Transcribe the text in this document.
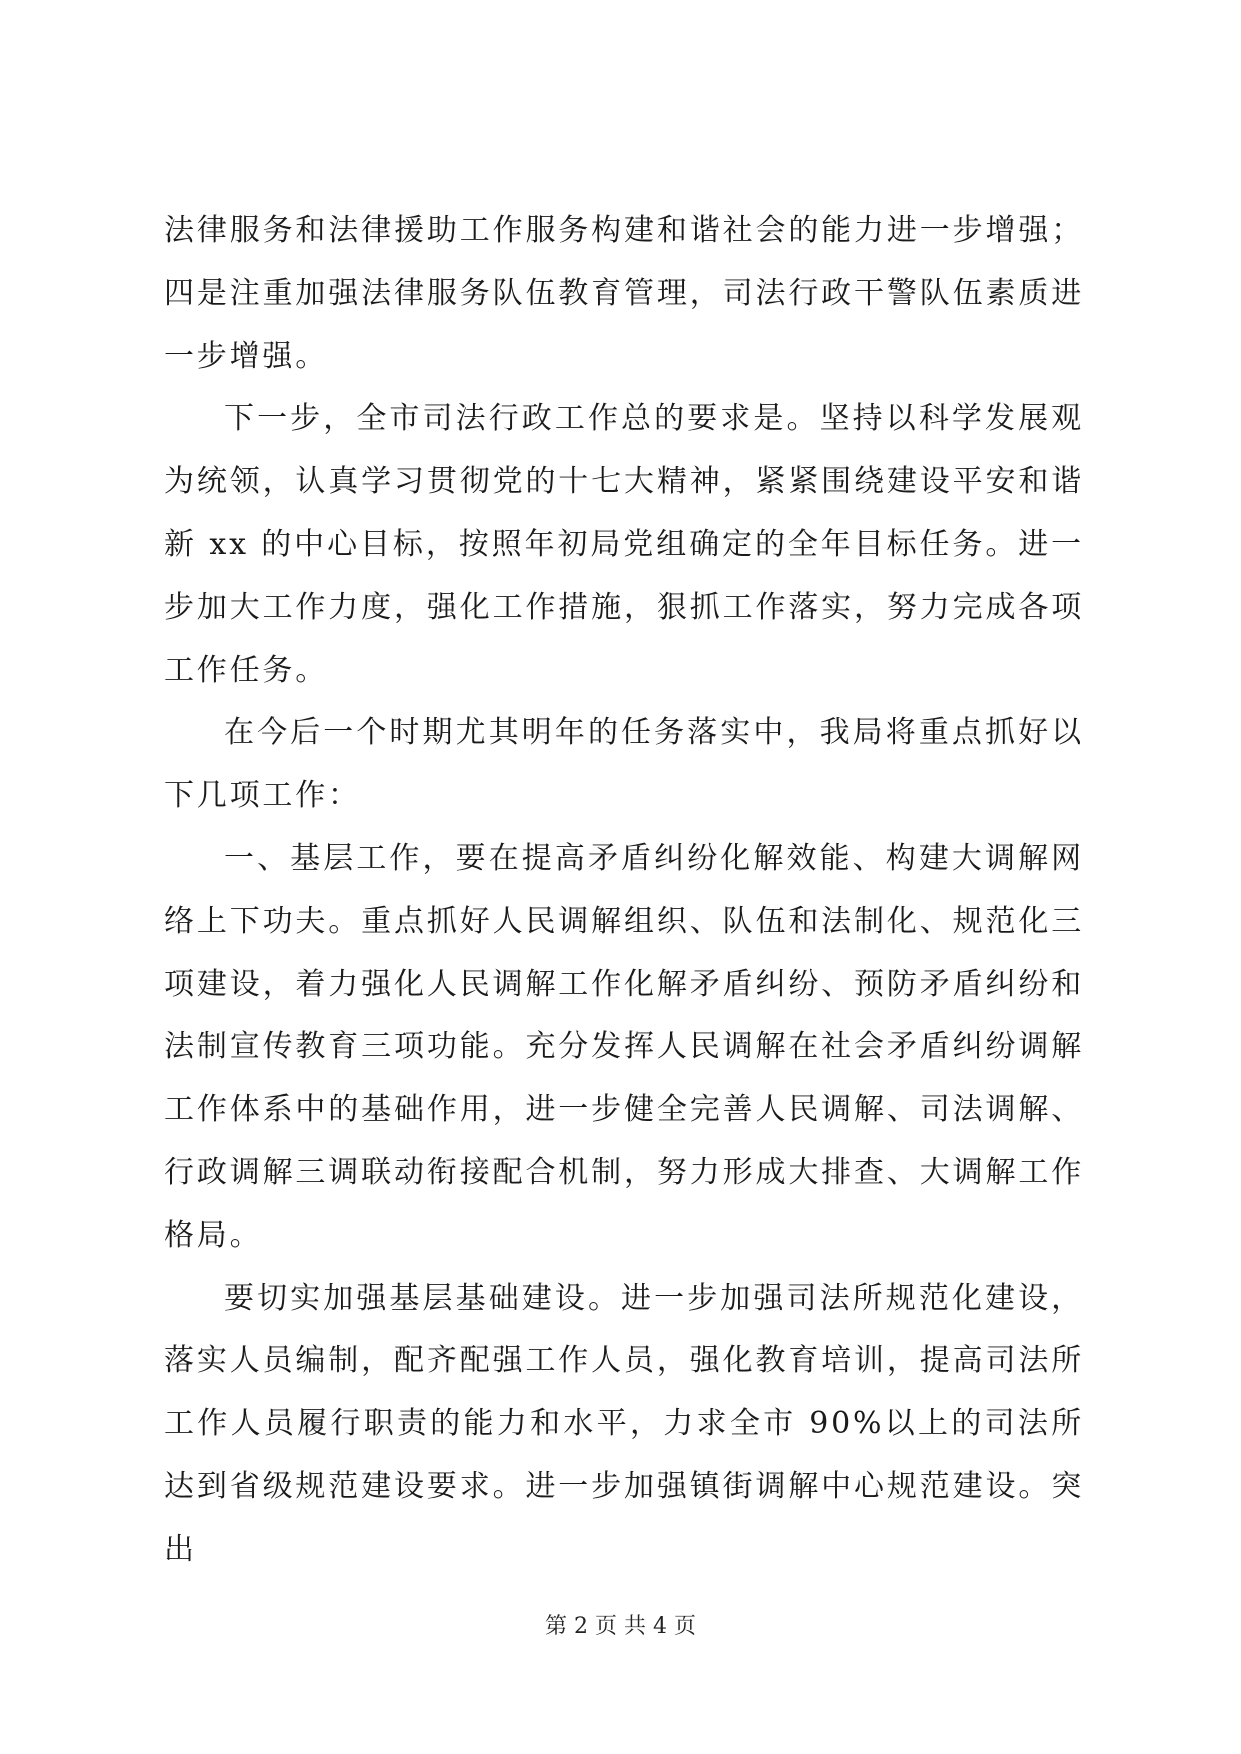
法律服务和法律援助工作服务构建和谐社会的能力进一步增强；四是注重加强法律服务队伍教育管理，司法行政干警队伍素质进一步增强。

下一步，全市司法行政工作总的要求是。坚持以科学发展观为统领，认真学习贯彻党的十七大精神，紧紧围绕建设平安和谐新 xx 的中心目标，按照年初局党组确定的全年目标任务。进一步加大工作力度，强化工作措施，狠抓工作落实，努力完成各项工作任务。

在今后一个时期尤其明年的任务落实中，我局将重点抓好以下几项工作：

一、基层工作，要在提高矛盾纠纷化解效能、构建大调解网络上下功夫。重点抓好人民调解组织、队伍和法制化、规范化三项建设，着力强化人民调解工作化解矛盾纠纷、预防矛盾纠纷和法制宣传教育三项功能。充分发挥人民调解在社会矛盾纠纷调解工作体系中的基础作用，进一步健全完善人民调解、司法调解、行政调解三调联动衔接配合机制，努力形成大排查、大调解工作格局。

要切实加强基层基础建设。进一步加强司法所规范化建设，落实人员编制，配齐配强工作人员，强化教育培训，提高司法所工作人员履行职责的能力和水平，力求全市 90%以上的司法所达到省级规范建设要求。进一步加强镇街调解中心规范建设。突出

第 2 页 共 4 页
